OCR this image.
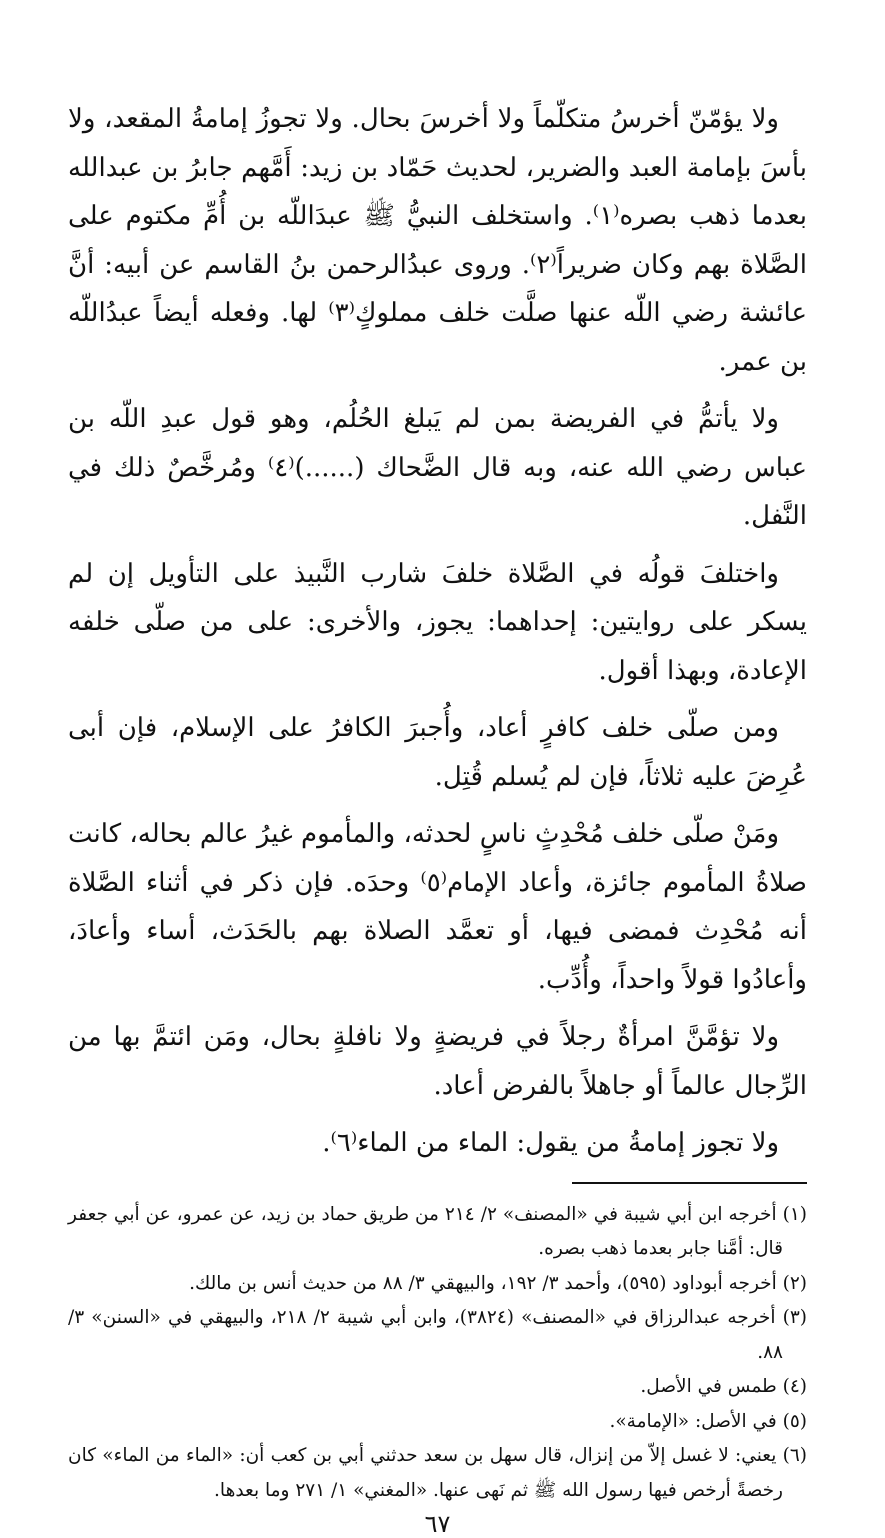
ولا يؤمّنّ أخرسُ متكلّماً ولا أخرسَ بحال. ولا تجوزُ إمامةُ المقعد، ولا بأسَ بإمامة العبد والضرير، لحديث حَمّاد بن زيد: أَمَّهم جابرُ بن عبدالله بعدما ذهب بصره⁽١⁾. واستخلف النبيُّ ﷺ عبدَاللّه بن أُمِّ مكتوم على الصَّلاة بهم وكان ضريراً⁽٢⁾. وروى عبدُالرحمن بنُ القاسم عن أبيه: أنَّ عائشة رضي اللّه عنها صلَّت خلف مملوكٍ⁽٣⁾ لها. وفعله أيضاً عبدُاللّه بن عمر.

ولا يأتمُّ في الفريضة بمن لم يَبلغ الحُلُم، وهو قول عبدِ اللّه بن عباس رضي الله عنه، وبه قال الضَّحاك (......)⁽٤⁾ ومُرخَّصٌ ذلك في النَّفل.

واختلفَ قولُه في الصَّلاة خلفَ شارب النَّبيذ على التأويل إن لم يسكر على روايتين: إحداهما: يجوز، والأخرى: على من صلّى خلفه الإعادة، وبهذا أقول.

ومن صلّى خلف كافرٍ أعاد، وأُجبرَ الكافرُ على الإسلام، فإن أبى عُرِضَ عليه ثلاثاً، فإن لم يُسلم قُتِل.

ومَنْ صلّى خلف مُحْدِثٍ ناسٍ لحدثه، والمأموم غيرُ عالم بحاله، كانت صلاةُ المأموم جائزة، وأعاد الإمام⁽٥⁾ وحدَه. فإن ذكر في أثناء الصَّلاة أنه مُحْدِث فمضى فيها، أو تعمَّد الصلاة بهم بالحَدَث، أساء وأعادَ، وأعادُوا قولاً واحداً، وأُدِّب.

ولا تؤمَّنَّ امرأةٌ رجلاً في فريضةٍ ولا نافلةٍ بحال، ومَن ائتمَّ بها من الرِّجال عالماً أو جاهلاً بالفرض أعاد.

ولا تجوز إمامةُ من يقول: الماء من الماء⁽٦⁾.

(١) أخرجه ابن أبي شيبة في «المصنف» ٢/ ٢١٤ من طريق حماد بن زيد، عن عمرو، عن أبي جعفر قال: أمَّنا جابر بعدما ذهب بصره.

(٢) أخرجه أبوداود (٥٩٥)، وأحمد ٣/ ١٩٢، والبيهقي ٣/ ٨٨ من حديث أنس بن مالك.

(٣) أخرجه عبدالرزاق في «المصنف» (٣٨٢٤)، وابن أبي شيبة ٢/ ٢١٨، والبيهقي في «السنن» ٣/ ٨٨.

(٤) طمس في الأصل.

(٥) في الأصل: «الإمامة».

(٦) يعني: لا غسل إلاّ من إنزال، قال سهل بن سعد حدثني أبي بن كعب أن: «الماء من الماء» كان رخصةً أرخص فيها رسول الله ﷺ ثم نَهى عنها. «المغني» ١/ ٢٧١ وما بعدها.

٦٧
